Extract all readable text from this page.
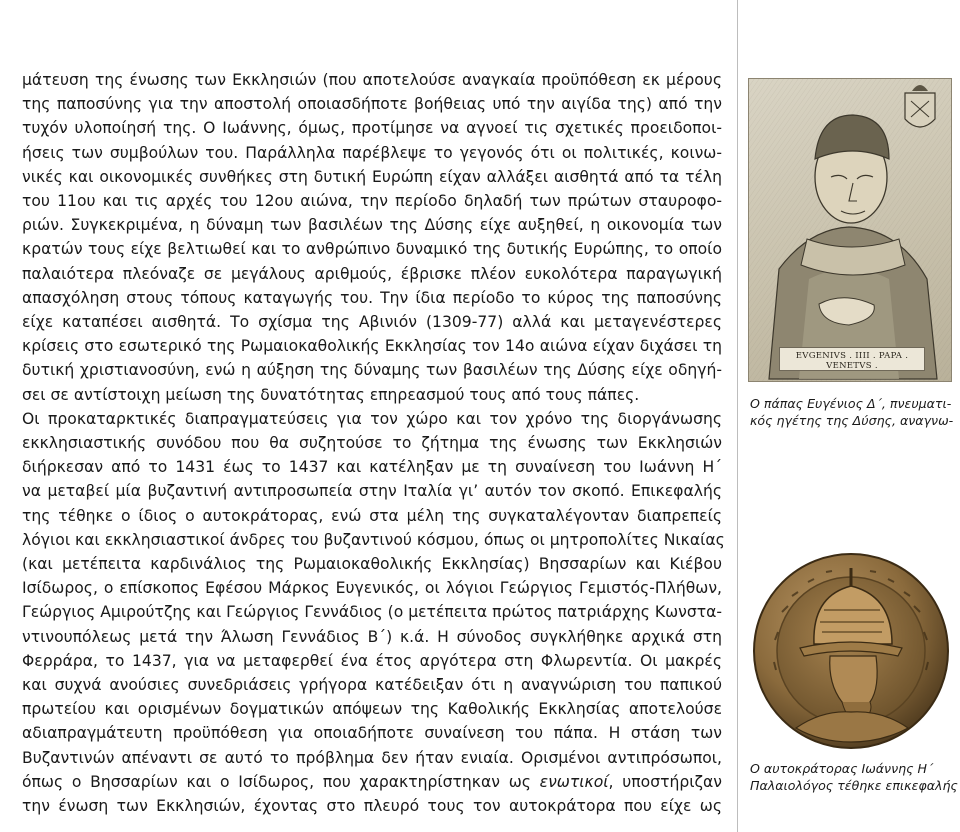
μάτευση της ένωσης των Εκκλησιών (που αποτελούσε αναγκαία προϋπόθεση εκ μέρους
της παποσύνης για την αποστολή οποιασδήποτε βοήθειας υπό την αιγίδα της) από την
τυχόν υλοποίησή της. Ο Ιωάννης, όμως, προτίμησε να αγνοεί τις σχετικές προειδοποι-
ήσεις των συμβούλων του. Παράλληλα παρέβλεψε το γεγονός ότι οι πολιτικές, κοινω-
νικές και οικονομικές συνθήκες στη δυτική Ευρώπη είχαν αλλάξει αισθητά από τα τέλη
του 11ου και τις αρχές του 12ου αιώνα, την περίοδο δηλαδή των πρώτων σταυροφο-
ριών. Συγκεκριμένα, η δύναμη των βασιλέων της Δύσης είχε αυξηθεί, η οικονομία των
κρατών τους είχε βελτιωθεί και το ανθρώπινο δυναμικό της δυτικής Ευρώπης, το οποίο
παλαιότερα πλεόναζε σε μεγάλους αριθμούς, έβρισκε πλέον ευκολότερα παραγωγική
απασχόληση στους τόπους καταγωγής του. Την ίδια περίοδο το κύρος της παποσύνης
είχε καταπέσει αισθητά. Το σχίσμα της Αβινιόν (1309-77) αλλά και μεταγενέστερες
κρίσεις στο εσωτερικό της Ρωμαιοκαθολικής Εκκλησίας τον 14ο αιώνα είχαν διχάσει τη
δυτική χριστιανοσύνη, ενώ η αύξηση της δύναμης των βασιλέων της Δύσης είχε οδηγή-
σει σε αντίστοιχη μείωση της δυνατότητας επηρεασμού τους από τους πάπες.
Οι προκαταρκτικές διαπραγματεύσεις για τον χώρο και τον χρόνο της διοργάνωσης
εκκλησιαστικής συνόδου που θα συζητούσε το ζήτημα της ένωσης των Εκκλησιών
διήρκεσαν από το 1431 έως το 1437 και κατέληξαν με τη συναίνεση του Ιωάννη Η΄
να μεταβεί μία βυζαντινή αντιπροσωπεία στην Ιταλία γι’ αυτόν τον σκοπό. Επικεφαλής
της τέθηκε ο ίδιος ο αυτοκράτορας, ενώ στα μέλη της συγκαταλέγονταν διαπρεπείς
λόγιοι και εκκλησιαστικοί άνδρες του βυζαντινού κόσμου, όπως οι μητροπολίτες Νικαίας
(και μετέπειτα καρδινάλιος της Ρωμαιοκαθολικής Εκκλησίας) Βησσαρίων και Κιέβου
Ισίδωρος, ο επίσκοπος Εφέσου Μάρκος Ευγενικός, οι λόγιοι Γεώργιος Γεμιστός-Πλήθων,
Γεώργιος Αμιρούτζης και Γεώργιος Γεννάδιος (ο μετέπειτα πρώτος πατριάρχης Κωνστα-
ντινουπόλεως μετά την Άλωση Γεννάδιος Β΄) κ.ά. Η σύνοδος συγκλήθηκε αρχικά στη
Φερράρα, το 1437, για να μεταφερθεί ένα έτος αργότερα στη Φλωρεντία. Οι μακρές
και συχνά ανούσιες συνεδριάσεις γρήγορα κατέδειξαν ότι η αναγνώριση του παπικού
πρωτείου και ορισμένων δογματικών απόψεων της Καθολικής Εκκλησίας αποτελούσε
αδιαπραγμάτευτη προϋπόθεση για οποιαδήποτε συναίνεση του πάπα. Η στάση των
Βυζαντινών απέναντι σε αυτό το πρόβλημα δεν ήταν ενιαία. Ορισμένοι αντιπρόσωποι,
όπως ο Βησσαρίων και ο Ισίδωρος, που χαρακτηρίστηκαν ως ενωτικοί, υποστήριζαν
την ένωση των Εκκλησιών, έχοντας στο πλευρό τους τον αυτοκράτορα που είχε ως
EVGENIVS . IIII . PAPA . VENETVS .
Ο πάπας Ευγένιος Δ΄, πνευματι-
κός ηγέτης της Δύσης, αναγνω-
Ο αυτοκράτορας Ιωάννης Η΄
Παλαιολόγος τέθηκε επικεφαλής
